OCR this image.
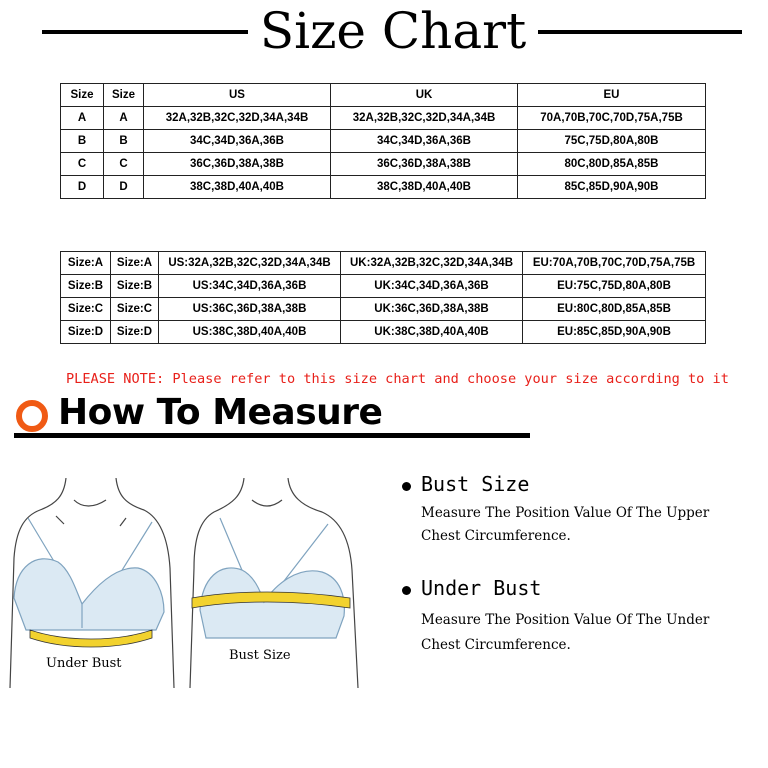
Size Chart
Size	Size	US	UK	EU
A	A	32A,32B,32C,32D,34A,34B	32A,32B,32C,32D,34A,34B	70A,70B,70C,70D,75A,75B
B	B	34C,34D,36A,36B	34C,34D,36A,36B	75C,75D,80A,80B
C	C	36C,36D,38A,38B	36C,36D,38A,38B	80C,80D,85A,85B
D	D	38C,38D,40A,40B	38C,38D,40A,40B	85C,85D,90A,90B
Size:A	Size:A	US:32A,32B,32C,32D,34A,34B	UK:32A,32B,32C,32D,34A,34B	EU:70A,70B,70C,70D,75A,75B
Size:B	Size:B	US:34C,34D,36A,36B	UK:34C,34D,36A,36B	EU:75C,75D,80A,80B
Size:C	Size:C	US:36C,36D,38A,38B	UK:36C,36D,38A,38B	EU:80C,80D,85A,85B
Size:D	Size:D	US:38C,38D,40A,40B	UK:38C,38D,40A,40B	EU:85C,85D,90A,90B
PLEASE NOTE: Please refer to this size chart and choose your size according to it
How To Measure
Under Bust
Bust Size
Bust Size
Measure The Position Value Of The Upper
Chest Circumference.
Under Bust
Measure The Position Value Of The Under
Chest Circumference.
